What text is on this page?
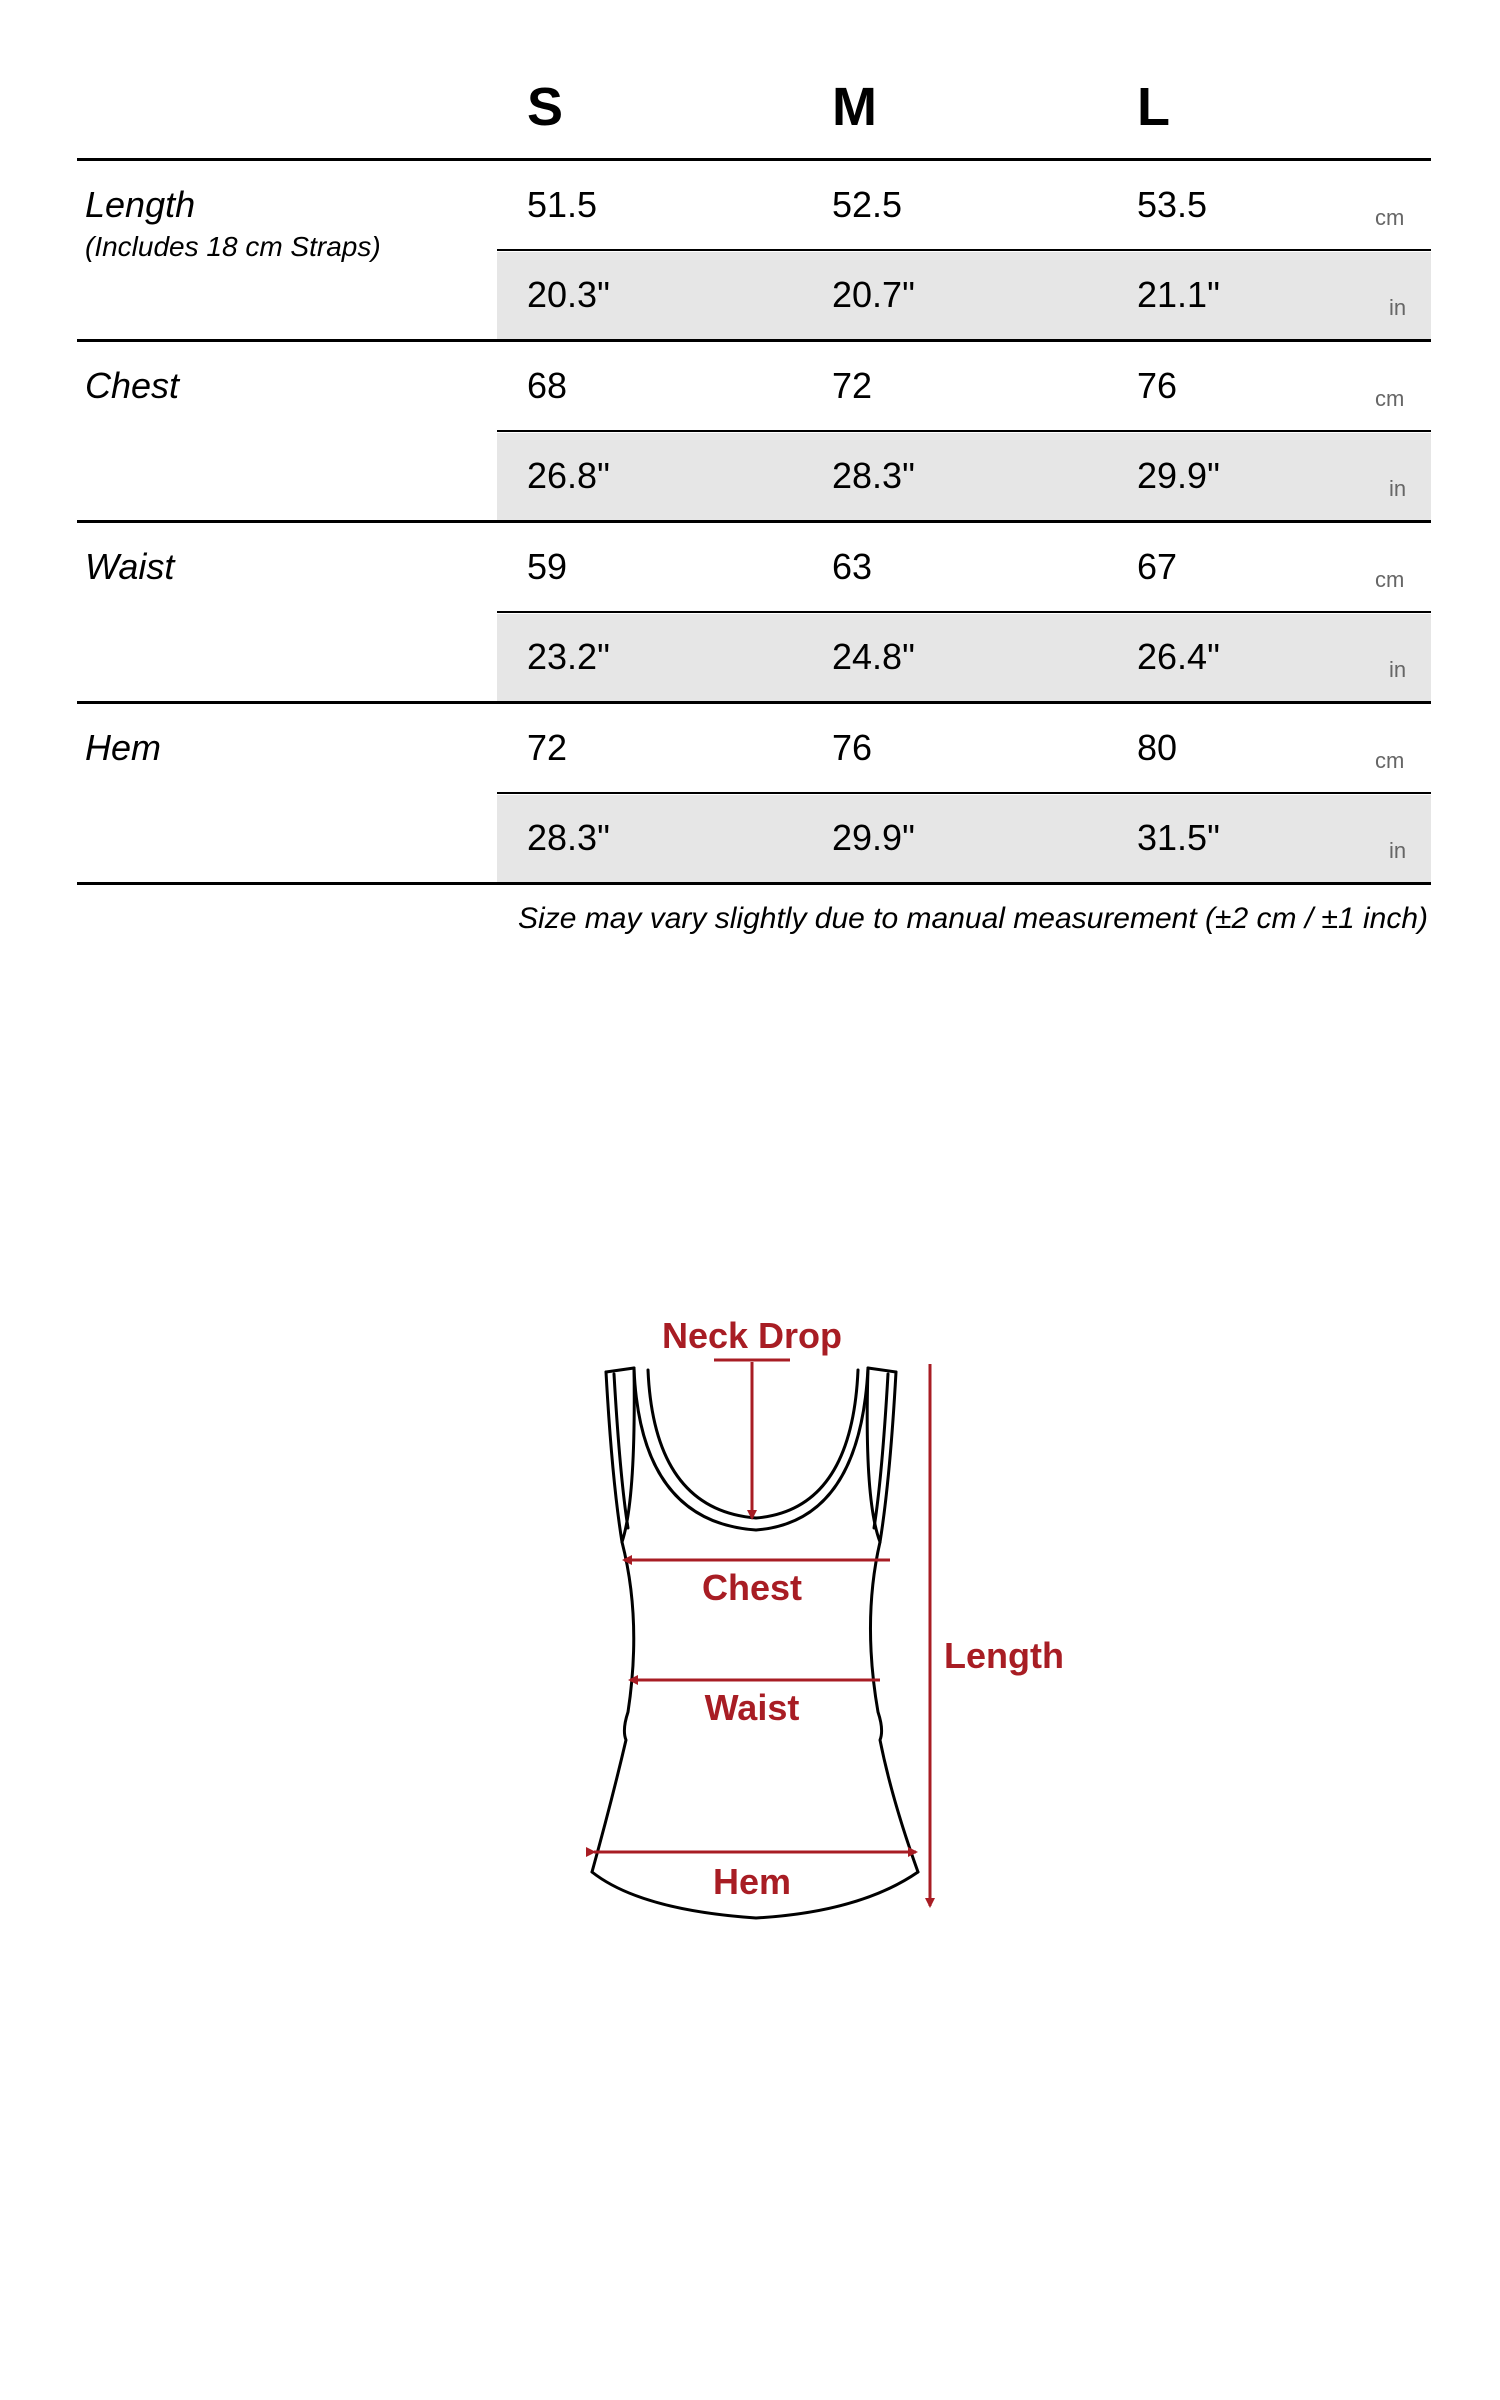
S	M	L
Length
(Includes 18 cm Straps)
51.5	52.5	53.5	cm
20.3"	20.7"	21.1"	in
Chest	68	72	76	cm
26.8"	28.3"	29.9"	in
Waist	59	63	67	cm
23.2"	24.8"	26.4"	in
Hem	72	76	80	cm
28.3"	29.9"	31.5"	in
Size may vary slightly due to manual measurement (±2 cm / ±1 inch)
Neck Drop
Chest
Waist
Hem
Length
